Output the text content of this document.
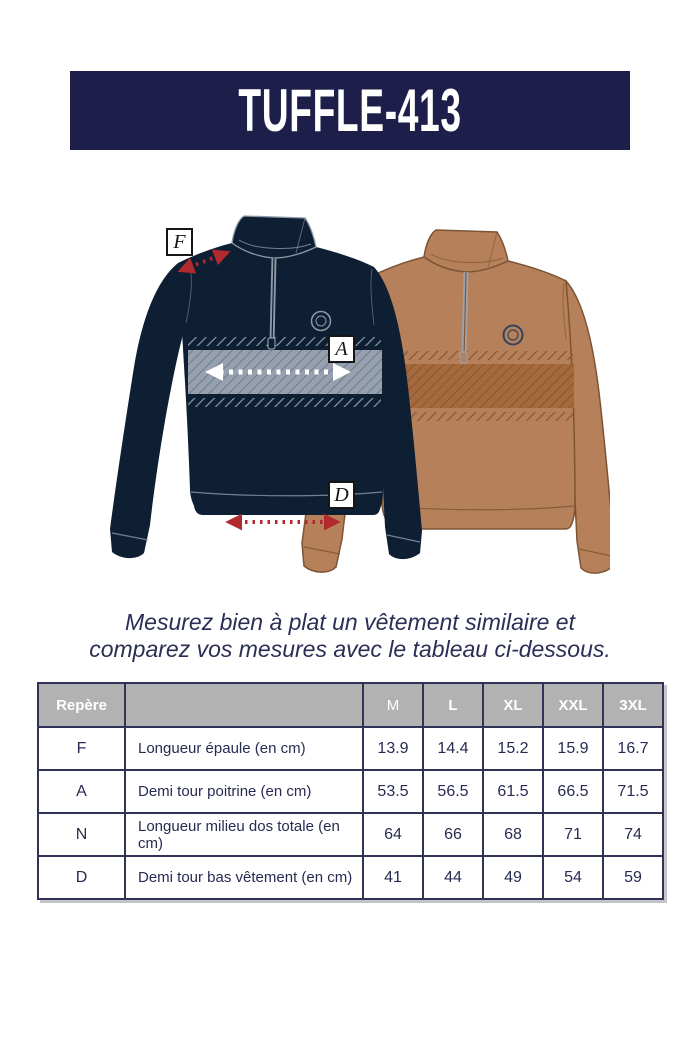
TUFFLE-413
F
A
D
Mesurez bien à plat un vêtement similaire et
comparez vos mesures avec le tableau ci-dessous.
Repère		M	L	XL	XXL	3XL
F	Longueur épaule (en cm)	13.9	14.4	15.2	15.9	16.7
A	Demi tour poitrine (en cm)	53.5	56.5	61.5	66.5	71.5
N	Longueur milieu dos totale (en cm)	64	66	68	71	74
D	Demi tour bas vêtement (en cm)	41	44	49	54	59
